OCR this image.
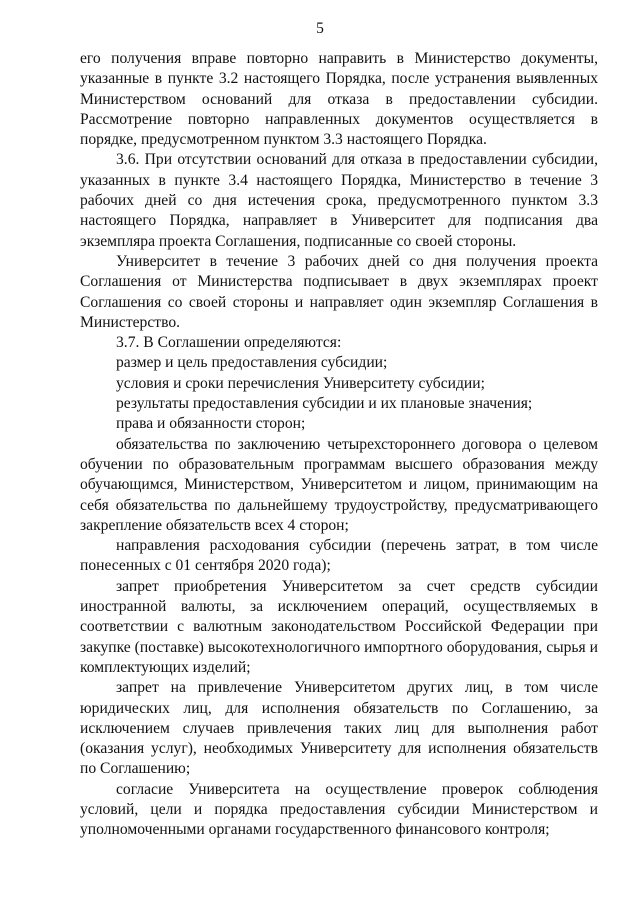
5

его получения вправе повторно направить в Министерство документы, указанные в пункте 3.2 настоящего Порядка, после устранения выявленных Министерством оснований для отказа в предоставлении субсидии. Рассмотрение повторно направленных документов осуществляется в порядке, предусмотренном пунктом 3.3 настоящего Порядка.

3.6. При отсутствии оснований для отказа в предоставлении субсидии, указанных в пункте 3.4 настоящего Порядка, Министерство в течение 3 рабочих дней со дня истечения срока, предусмотренного пунктом 3.3 настоящего Порядка, направляет в Университет для подписания два экземпляра проекта Соглашения, подписанные со своей стороны.

Университет в течение 3 рабочих дней со дня получения проекта Соглашения от Министерства подписывает в двух экземплярах проект Соглашения со своей стороны и направляет один экземпляр Соглашения в Министерство.

3.7. В Соглашении определяются:

размер и цель предоставления субсидии;

условия и сроки перечисления Университету субсидии;

результаты предоставления субсидии и их плановые значения;

права и обязанности сторон;

обязательства по заключению четырехстороннего договора о целевом обучении по образовательным программам высшего образования между обучающимся, Министерством, Университетом и лицом, принимающим на себя обязательства по дальнейшему трудоустройству, предусматривающего закрепление обязательств всех 4 сторон;

направления расходования субсидии (перечень затрат, в том числе понесенных с 01 сентября 2020 года);

запрет приобретения Университетом за счет средств субсидии иностранной валюты, за исключением операций, осуществляемых в соответствии с валютным законодательством Российской Федерации при закупке (поставке) высокотехнологичного импортного оборудования, сырья и комплектующих изделий;

запрет на привлечение Университетом других лиц, в том числе юридических лиц, для исполнения обязательств по Соглашению, за исключением случаев привлечения таких лиц для выполнения работ (оказания услуг), необходимых Университету для исполнения обязательств по Соглашению;

согласие Университета на осуществление проверок соблюдения условий, цели и порядка предоставления субсидии Министерством и уполномоченными органами государственного финансового контроля;
